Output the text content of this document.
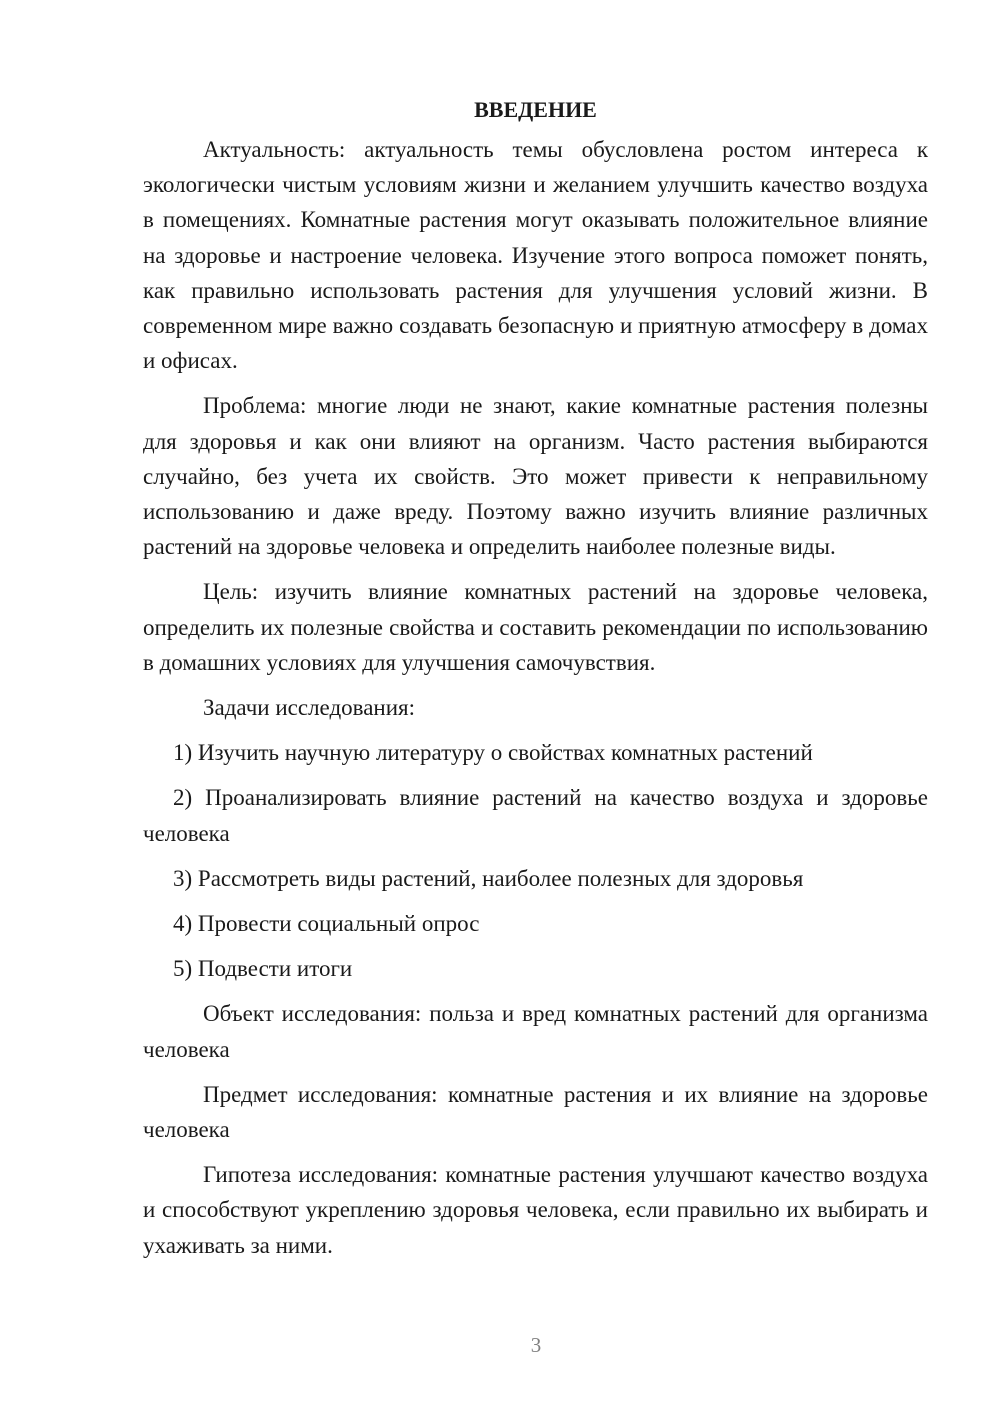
ВВЕДЕНИЕ

Актуальность: актуальность темы обусловлена ростом интереса к экологически чистым условиям жизни и желанием улучшить качество воздуха в помещениях. Комнатные растения могут оказывать положительное влияние на здоровье и настроение человека. Изучение этого вопроса поможет понять, как правильно использовать растения для улучшения условий жизни. В современном мире важно создавать безопасную и приятную атмосферу в домах и офисах.

Проблема: многие люди не знают, какие комнатные растения полезны для здоровья и как они влияют на организм. Часто растения выбираются случайно, без учета их свойств. Это может привести к неправильному использованию и даже вреду. Поэтому важно изучить влияние различных растений на здоровье человека и определить наиболее полезные виды.

Цель: изучить влияние комнатных растений на здоровье человека, определить их полезные свойства и составить рекомендации по использованию в домашних условиях для улучшения самочувствия.

Задачи исследования:

1) Изучить научную литературу о свойствах комнатных растений

2) Проанализировать влияние растений на качество воздуха и здоровье человека

3) Рассмотреть виды растений, наиболее полезных для здоровья

4) Провести социальный опрос

5) Подвести итоги

Объект исследования: польза и вред комнатных растений для организма человека

Предмет исследования: комнатные растения и их влияние на здоровье человека

Гипотеза исследования: комнатные растения улучшают качество воздуха и способствуют укреплению здоровья человека, если правильно их выбирать и ухаживать за ними.

3
